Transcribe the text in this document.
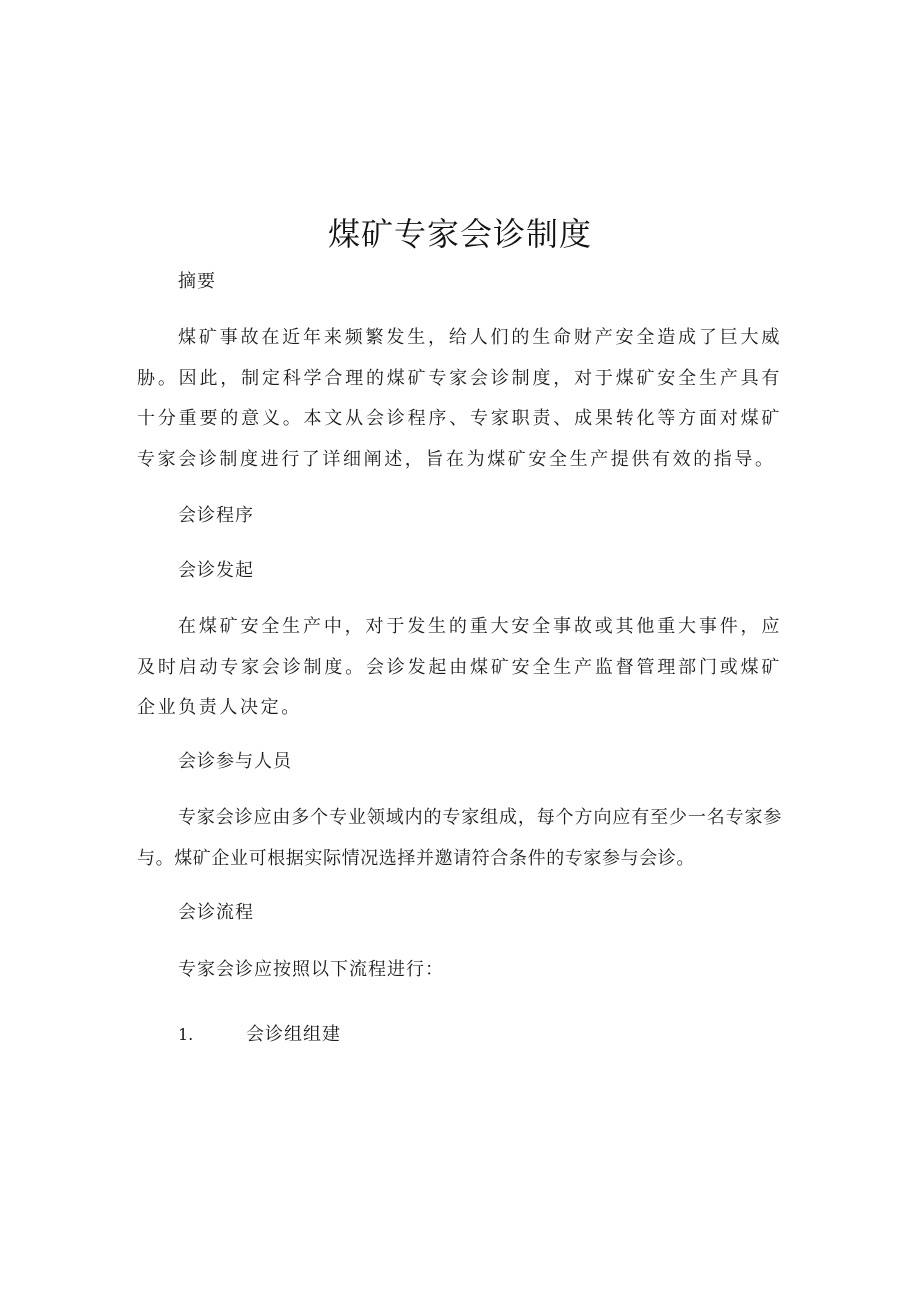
煤矿专家会诊制度

摘要

煤矿事故在近年来频繁发生，给人们的生命财产安全造成了巨大威胁。因此，制定科学合理的煤矿专家会诊制度，对于煤矿安全生产具有十分重要的意义。本文从会诊程序、专家职责、成果转化等方面对煤矿专家会诊制度进行了详细阐述，旨在为煤矿安全生产提供有效的指导。

会诊程序

会诊发起

在煤矿安全生产中，对于发生的重大安全事故或其他重大事件，应及时启动专家会诊制度。会诊发起由煤矿安全生产监督管理部门或煤矿企业负责人决定。

会诊参与人员

专家会诊应由多个专业领域内的专家组成，每个方向应有至少一名专家参与。煤矿企业可根据实际情况选择并邀请符合条件的专家参与会诊。

会诊流程

专家会诊应按照以下流程进行：

1.	会诊组组建
